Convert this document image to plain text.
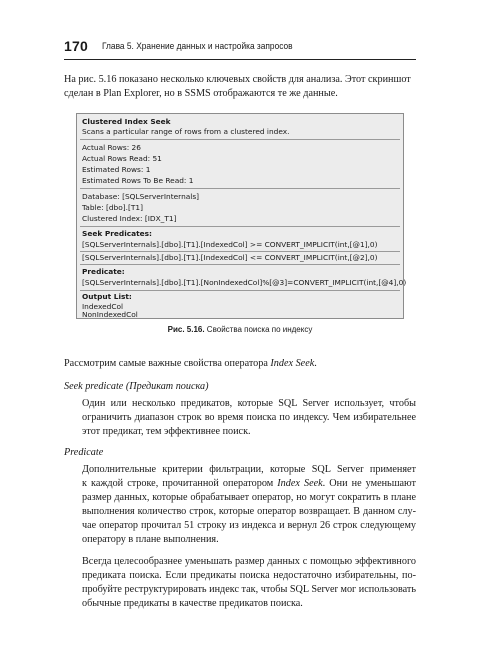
170 Глава 5. Хранение данных и настройка запросов
На рис. 5.16 показано несколько ключевых свойств для анализа. Этот скриншот
сделан в Plan Explorer, но в SSMS отображаются те же данные.
Clustered Index Seek
Scans a particular range of rows from a clustered index.
Actual Rows: 26
Actual Rows Read: 51
Estimated Rows: 1
Estimated Rows To Be Read: 1
Database: [SQLServerInternals]
Table: [dbo].[T1]
Clustered Index: [IDX_T1]
Seek Predicates:
[SQLServerInternals].[dbo].[T1].[IndexedCol] >= CONVERT_IMPLICIT(int,[@1],0)
[SQLServerInternals].[dbo].[T1].[IndexedCol] <= CONVERT_IMPLICIT(int,[@2],0)
Predicate:
[SQLServerInternals].[dbo].[T1].[NonIndexedCol]%[@3]=CONVERT_IMPLICIT(int,[@4],0)
Output List:
IndexedCol
NonIndexedCol
Рис. 5.16. Свойства поиска по индексу
Рассмотрим самые важные свойства оператора Index Seek.
Seek predicate (Предикат поиска)
Один или несколько предикатов, которые SQL Server использует, чтобы
ограничить диапазон строк во время поиска по индексу. Чем избирательнее
этот предикат, тем эффективнее поиск.
Predicate
Дополнительные критерии фильтрации, которые SQL Server применяет
к каждой строке, прочитанной оператором Index Seek. Они не уменьшают
размер данных, которые обрабатывает оператор, но могут сократить в плане
выполнения количество строк, которые оператор возвращает. В данном слу-
чае оператор прочитал 51 строку из индекса и вернул 26 строк следующему
оператору в плане выполнения.
Всегда целесообразнее уменьшать размер данных с помощью эффективного
предиката поиска. Если предикаты поиска недостаточно избирательны, по-
пробуйте реструктурировать индекс так, чтобы SQL Server мог использовать
обычные предикаты в качестве предикатов поиска.
